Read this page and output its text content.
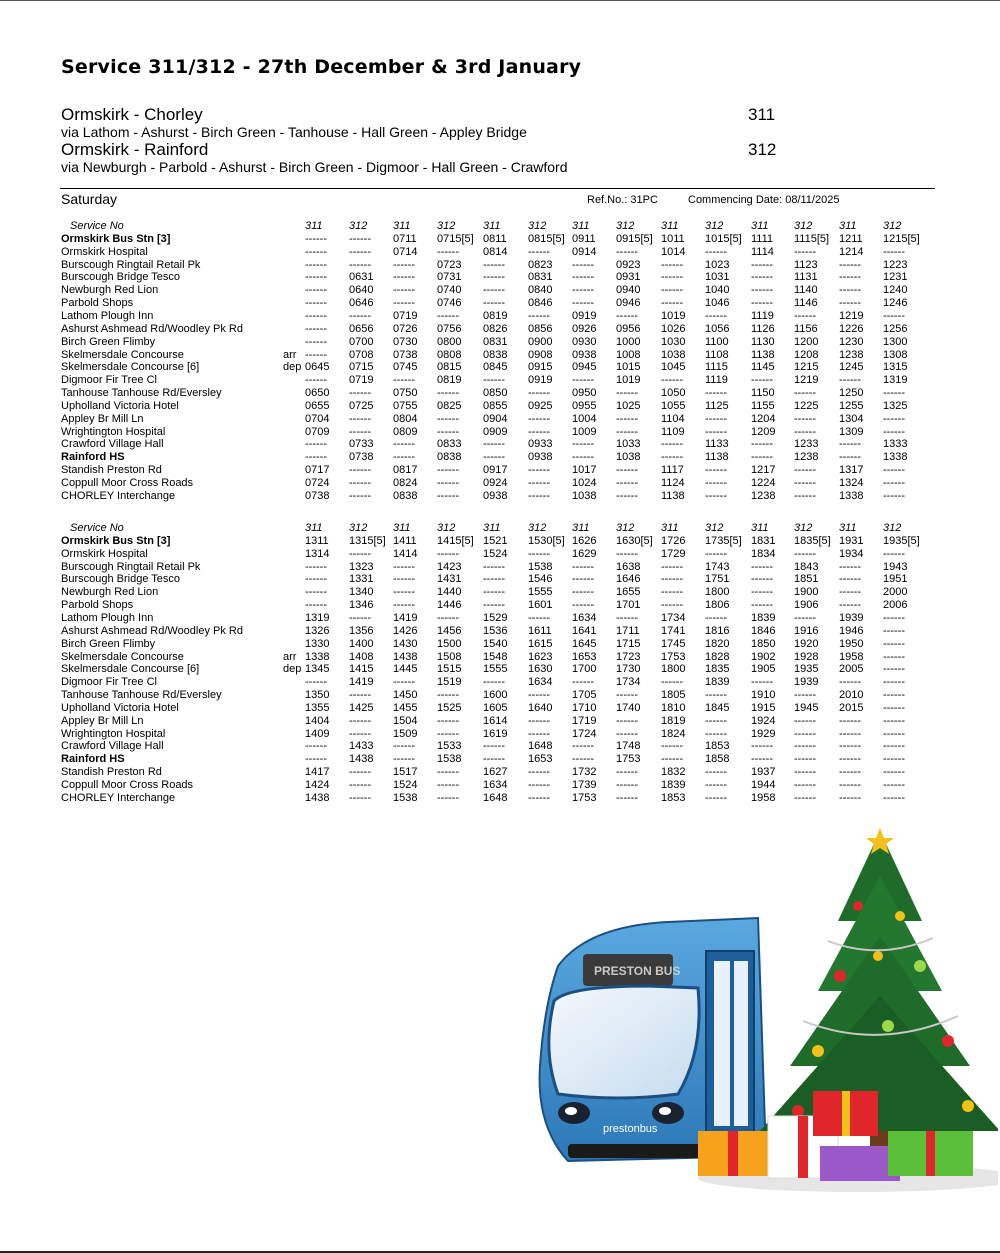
Service 311/312 - 27th December & 3rd January
Ormskirk - Chorley	311
via Lathom - Ashurst - Birch Green - Tanhouse - Hall Green - Appley Bridge
Ormskirk - Rainford	312
via Newburgh - Parbold - Ashurst - Birch Green - Digmoor - Hall Green - Crawford
Saturday	Ref.No.: 31PC	Commencing Date: 08/11/2025
Service No	311 312 311 312	311 312 311 312 311 312	311 312 311 312
Ormskirk Bus Stn [3]	------ ------ 0711 0715[5] 0811 0815[5] 0911 0915[5] 1011 1015[5] 1111 1115[5] 1211 1215[5]
Ormskirk Hospital	------ ------ 0714 ------ 0814 ------ 0914 ------ 1014 ------ 1114 ------ 1214 ------
Burscough Ringtail Retail Pk	------ ------ ------ 0723 ------ 0823 ------ 0923 ------ 1023 ------ 1123 ------ 1223
Burscough Bridge Tesco	------ 0631 ------ 0731 ------ 0831 ------ 0931 ------ 1031 ------ 1131 ------ 1231
Newburgh Red Lion	------ 0640 ------ 0740 ------ 0840 ------ 0940 ------ 1040 ------ 1140 ------ 1240
Parbold Shops	------ 0646 ------ 0746 ------ 0846 ------ 0946 ------ 1046 ------ 1146 ------ 1246
Lathom Plough Inn	------ ------ 0719 ------ 0819 ------ 0919 ------ 1019 ------ 1119 ------ 1219 ------
Ashurst Ashmead Rd/Woodley Pk Rd	------ 0656 0726 0756 0826 0856 0926 0956 1026 1056 1126 1156 1226 1256
Birch Green Flimby	------ 0700 0730 0800 0831 0900 0930 1000 1030 1100 1130 1200 1230 1300
Skelmersdale Concourse	arr ------ 0708 0738 0808 0838 0908 0938 1008 1038 1108 1138 1208 1238 1308
Skelmersdale Concourse [6]	dep 0645 0715 0745 0815 0845 0915 0945 1015 1045 1115 1145 1215 1245 1315
Digmoor Fir Tree Cl	------ 0719 ------ 0819 ------ 0919 ------ 1019 ------ 1119 ------ 1219 ------ 1319
Tanhouse Tanhouse Rd/Eversley	0650 ------ 0750 ------ 0850 ------ 0950 ------ 1050 ------ 1150 ------ 1250 ------
Upholland Victoria Hotel	0655 0725 0755 0825 0855 0925 0955 1025 1055 1125 1155 1225 1255 1325
Appley Br Mill Ln	0704 ------ 0804 ------ 0904 ------ 1004 ------ 1104 ------ 1204 ------ 1304 ------
Wrightington Hospital	0709 ------ 0809 ------ 0909 ------ 1009 ------ 1109 ------ 1209 ------ 1309 ------
Crawford Village Hall	------ 0733 ------ 0833 ------ 0933 ------ 1033 ------ 1133 ------ 1233 ------ 1333
Rainford HS	------ 0738 ------ 0838 ------ 0938 ------ 1038 ------ 1138 ------ 1238 ------ 1338
Standish Preston Rd	0717 ------ 0817 ------ 0917 ------ 1017 ------ 1117 ------ 1217 ------ 1317 ------
Coppull Moor Cross Roads	0724 ------ 0824 ------ 0924 ------ 1024 ------ 1124 ------ 1224 ------ 1324 ------
CHORLEY Interchange	0738 ------ 0838 ------ 0938 ------ 1038 ------ 1138 ------ 1238 ------ 1338 ------
Service No	311 312 311 312	311 312 311 312 311 312	311 312 311 312
Ormskirk Bus Stn [3]	1311 1315[5] 1411 1415[5] 1521 1530[5] 1626 1630[5] 1726 1735[5] 1831 1835[5] 1931 1935[5]
Ormskirk Hospital	1314 ------ 1414 ------ 1524 ------ 1629 ------ 1729 ------ 1834 ------ 1934 ------
Burscough Ringtail Retail Pk	------ 1323 ------ 1423 ------ 1538 ------ 1638 ------ 1743 ------ 1843 ------ 1943
Burscough Bridge Tesco	------ 1331 ------ 1431 ------ 1546 ------ 1646 ------ 1751 ------ 1851 ------ 1951
Newburgh Red Lion	------ 1340 ------ 1440 ------ 1555 ------ 1655 ------ 1800 ------ 1900 ------ 2000
Parbold Shops	------ 1346 ------ 1446 ------ 1601 ------ 1701 ------ 1806 ------ 1906 ------ 2006
Lathom Plough Inn	1319 ------ 1419 ------ 1529 ------ 1634 ------ 1734 ------ 1839 ------ 1939 ------
Ashurst Ashmead Rd/Woodley Pk Rd	1326 1356 1426 1456 1536 1611 1641 1711 1741 1816 1846 1916 1946 ------
Birch Green Flimby	1330 1400 1430 1500 1540 1615 1645 1715 1745 1820 1850 1920 1950 ------
Skelmersdale Concourse	arr 1338 1408 1438 1508 1548 1623 1653 1723 1753 1828 1902 1928 1958 ------
Skelmersdale Concourse [6]	dep 1345 1415 1445 1515 1555 1630 1700 1730 1800 1835 1905 1935 2005 ------
Digmoor Fir Tree Cl	------ 1419 ------ 1519 ------ 1634 ------ 1734 ------ 1839 ------ 1939 ------ ------
Tanhouse Tanhouse Rd/Eversley	1350 ------ 1450 ------ 1600 ------ 1705 ------ 1805 ------ 1910 ------ 2010 ------
Upholland Victoria Hotel	1355 1425 1455 1525 1605 1640 1710 1740 1810 1845 1915 1945 2015 ------
Appley Br Mill Ln	1404 ------ 1504 ------ 1614 ------ 1719 ------ 1819 ------ 1924 ------ ------ ------
Wrightington Hospital	1409 ------ 1509 ------ 1619 ------ 1724 ------ 1824 ------ 1929 ------ ------ ------
Crawford Village Hall	------ 1433 ------ 1533 ------ 1648 ------ 1748 ------ 1853 ------ ------ ------ ------
Rainford HS	------ 1438 ------ 1538 ------ 1653 ------ 1753 ------ 1858 ------ ------ ------ ------
Standish Preston Rd	1417 ------ 1517 ------ 1627 ------ 1732 ------ 1832 ------ 1937 ------ ------ ------
Coppull Moor Cross Roads	1424 ------ 1524 ------ 1634 ------ 1739 ------ 1839 ------ 1944 ------ ------ ------
CHORLEY Interchange	1438 ------ 1538 ------ 1648 ------ 1753 ------ 1853 ------ 1958 ------ ------ ------
PRESTON BUS
prestonbus
